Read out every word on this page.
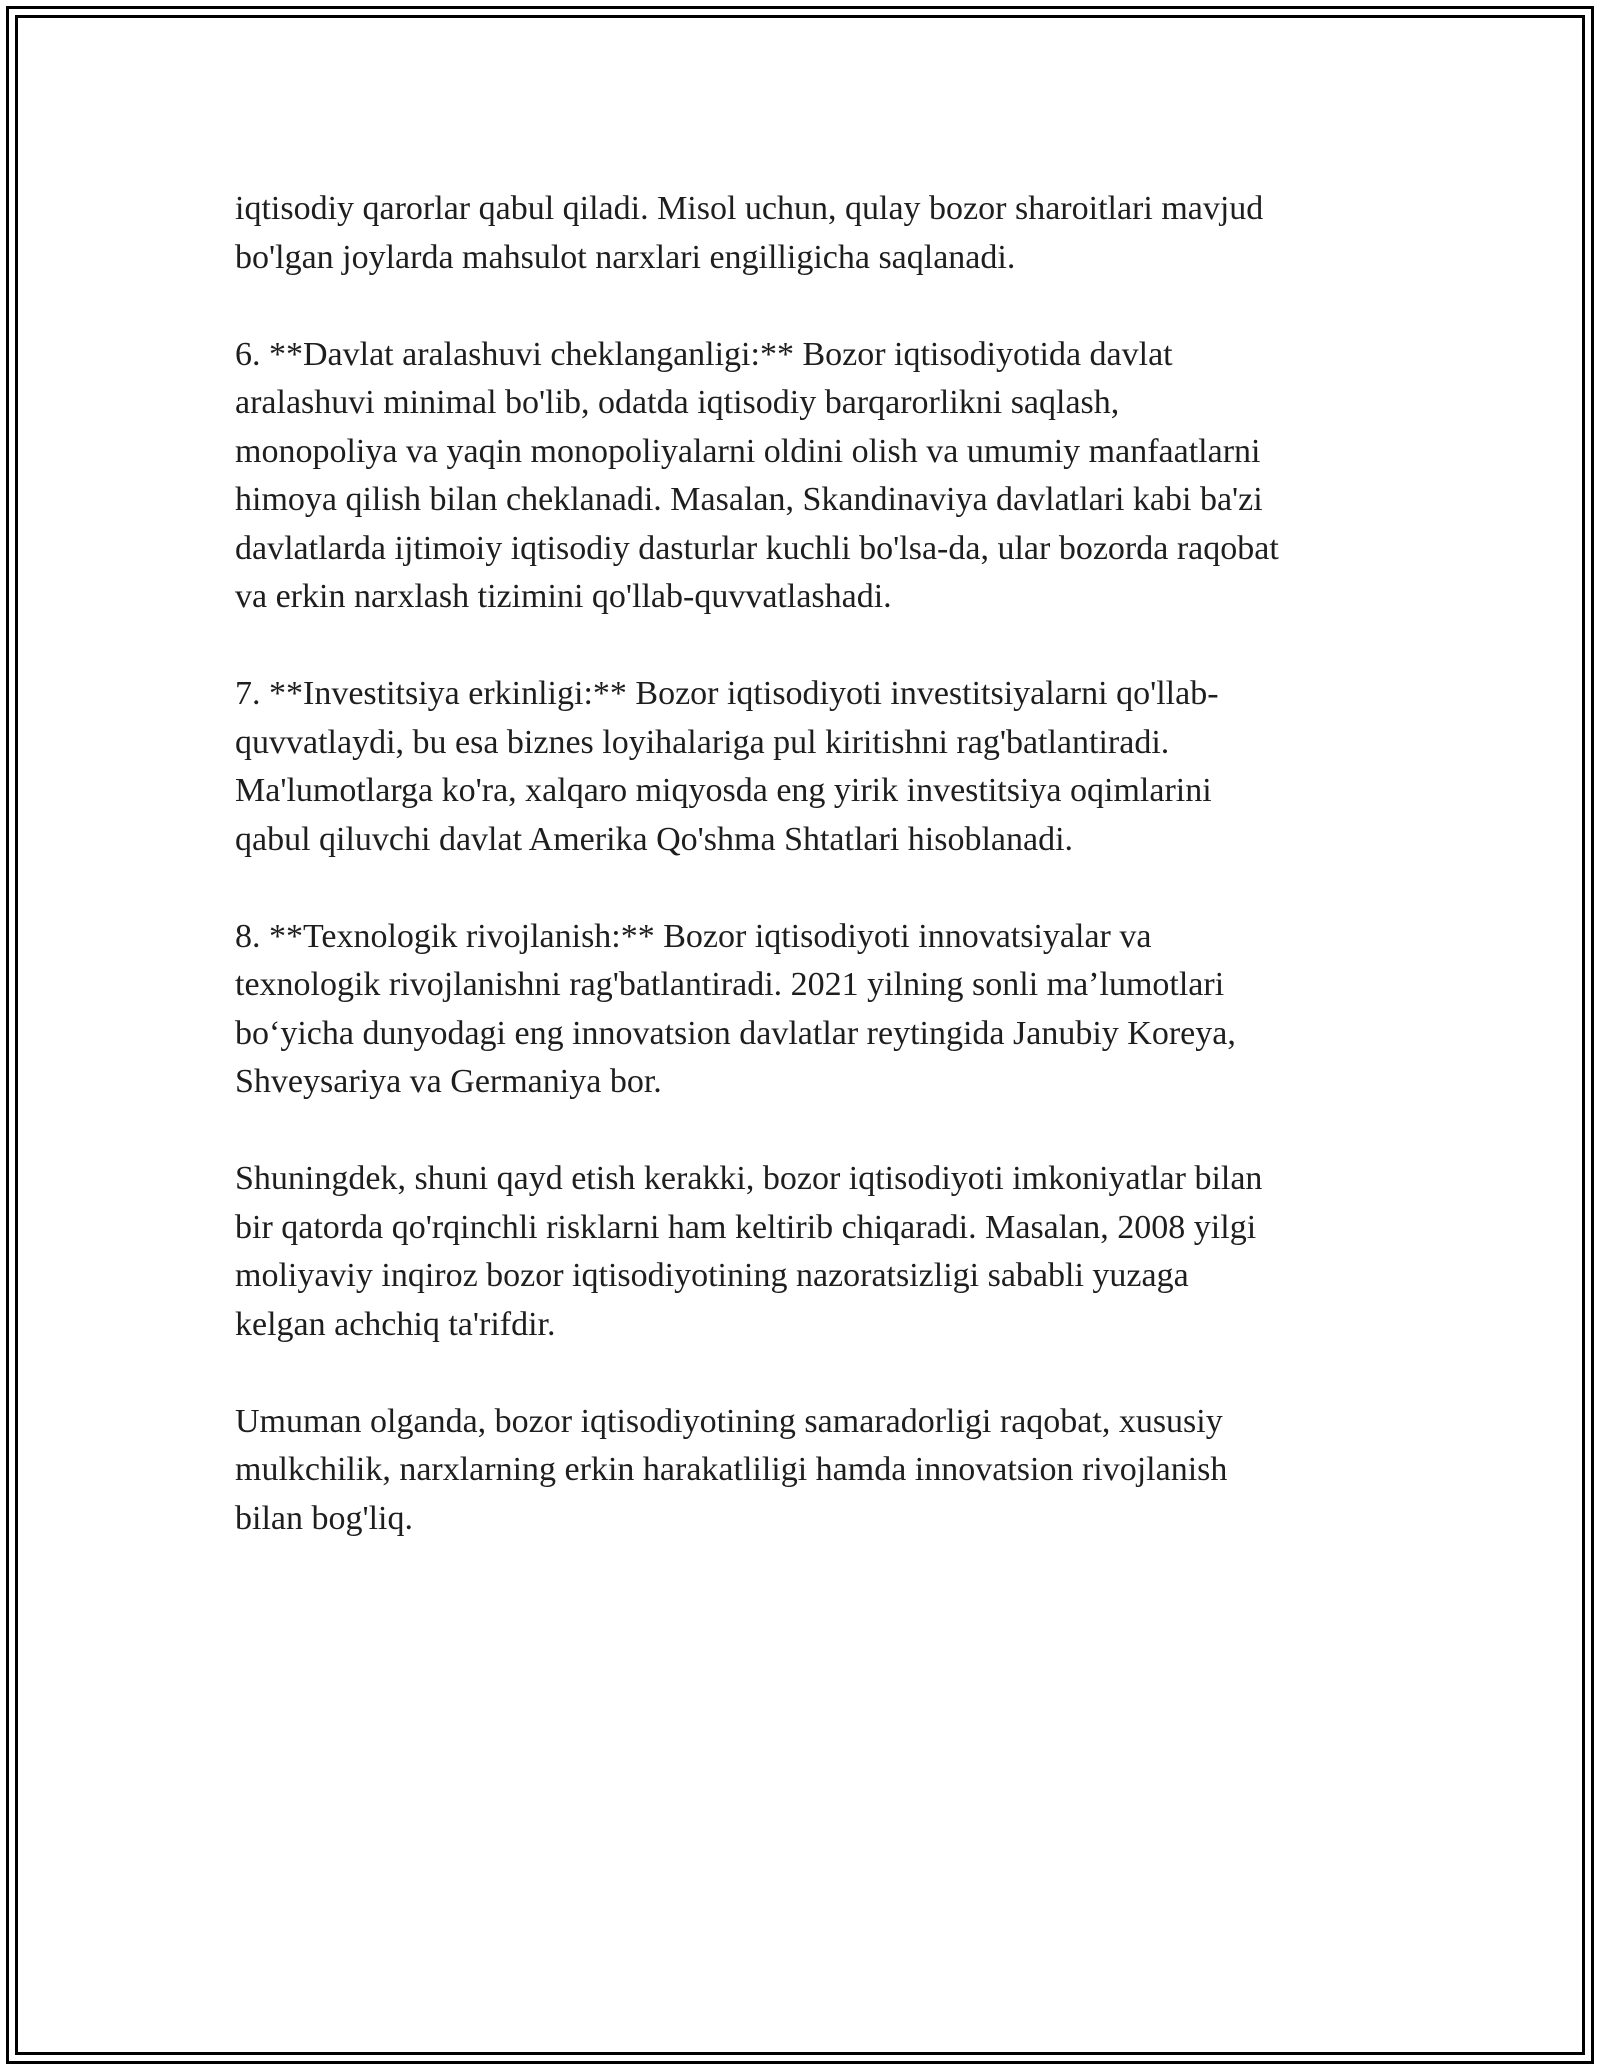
iqtisodiy qarorlar qabul qiladi. Misol uchun, qulay bozor sharoitlari mavjud
bo'lgan joylarda mahsulot narxlari engilligicha saqlanadi.

6. **Davlat aralashuvi cheklanganligi:** Bozor iqtisodiyotida davlat
aralashuvi minimal bo'lib, odatda iqtisodiy barqarorlikni saqlash,
monopoliya va yaqin monopoliyalarni oldini olish va umumiy manfaatlarni
himoya qilish bilan cheklanadi. Masalan, Skandinaviya davlatlari kabi ba'zi
davlatlarda ijtimoiy iqtisodiy dasturlar kuchli bo'lsa-da, ular bozorda raqobat
va erkin narxlash tizimini qo'llab-quvvatlashadi.

7. **Investitsiya erkinligi:** Bozor iqtisodiyoti investitsiyalarni qo'llab-
quvvatlaydi, bu esa biznes loyihalariga pul kiritishni rag'batlantiradi.
Ma'lumotlarga ko'ra, xalqaro miqyosda eng yirik investitsiya oqimlarini
qabul qiluvchi davlat Amerika Qo'shma Shtatlari hisoblanadi.

8. **Texnologik rivojlanish:** Bozor iqtisodiyoti innovatsiyalar va
texnologik rivojlanishni rag'batlantiradi. 2021 yilning sonli ma’lumotlari
bo‘yicha dunyodagi eng innovatsion davlatlar reytingida Janubiy Koreya,
Shveysariya va Germaniya bor.

Shuningdek, shuni qayd etish kerakki, bozor iqtisodiyoti imkoniyatlar bilan
bir qatorda qo'rqinchli risklarni ham keltirib chiqaradi. Masalan, 2008 yilgi
moliyaviy inqiroz bozor iqtisodiyotining nazoratsizligi sababli yuzaga
kelgan achchiq ta'rifdir.

Umuman olganda, bozor iqtisodiyotining samaradorligi raqobat, xususiy
mulkchilik, narxlarning erkin harakatliligi hamda innovatsion rivojlanish
bilan bog'liq.
